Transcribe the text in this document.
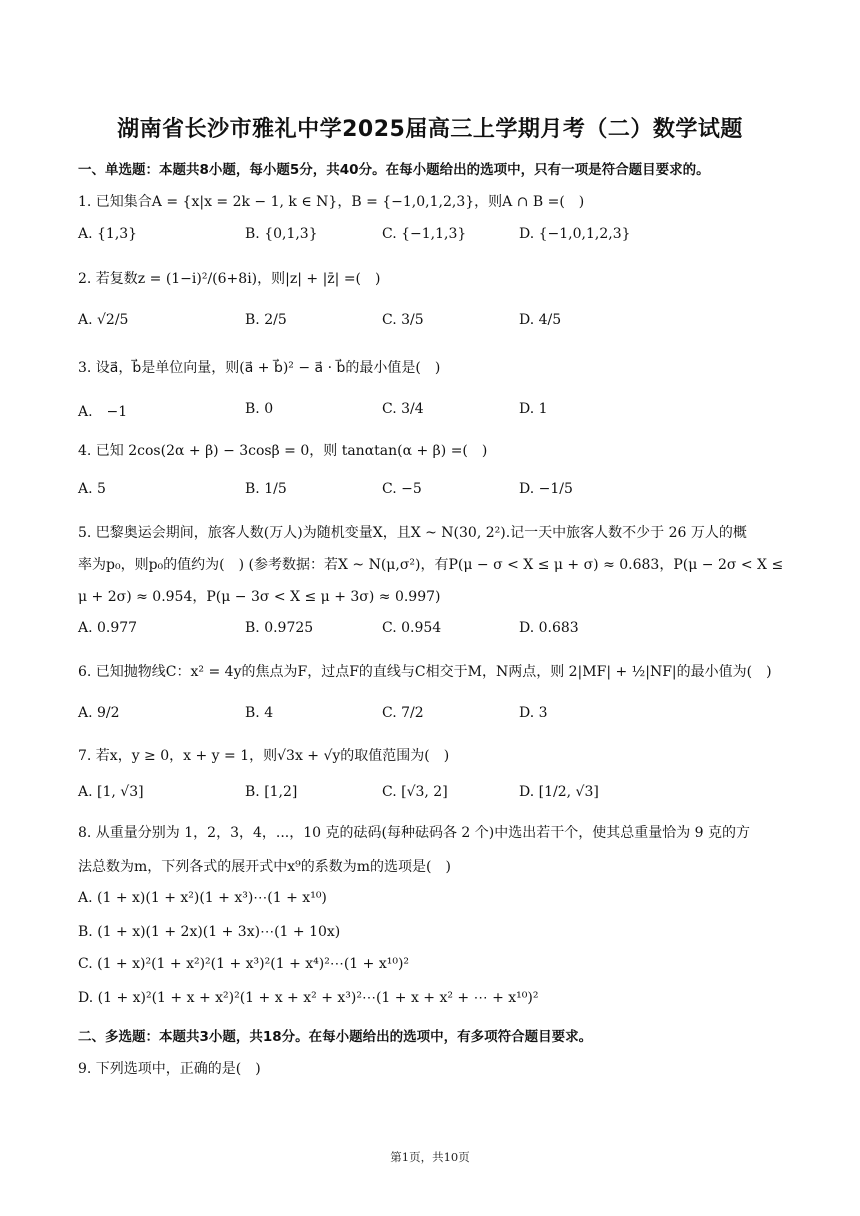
湖南省长沙市雅礼中学2025届高三上学期月考（二）数学试题
一、单选题：本题共8小题，每小题5分，共40分。在每小题给出的选项中，只有一项是符合题目要求的。
1. 已知集合A = {x|x = 2k − 1, k ∈ N}，B = {−1,0,1,2,3}，则A ∩ B =(　)
A. {1,3}	B. {0,1,3}	C. {−1,1,3}	D. {−1,0,1,2,3}
2. 若复数z = (1−i)²/(6+8i)，则|z| + |z̄| =(　)
A. √2/5	B. 2/5	C. 3/5	D. 4/5
3. 设a⃗，b⃗是单位向量，则(a⃗ + b⃗)² − a⃗ · b⃗的最小值是(　)
A.　−1	B. 0	C. 3/4	D. 1
4. 已知 2cos(2α + β) − 3cosβ = 0，则 tanαtan(α + β) =(　)
A. 5	B. 1/5	C. −5	D. −1/5
5. 巴黎奥运会期间，旅客人数(万人)为随机变量X，且X ~ N(30, 2²).记一天中旅客人数不少于 26 万人的概
率为p₀，则p₀的值约为(　) (参考数据：若X ~ N(μ,σ²)，有P(μ − σ < X ≤ μ + σ) ≈ 0.683，P(μ − 2σ < X ≤
μ + 2σ) ≈ 0.954，P(μ − 3σ < X ≤ μ + 3σ) ≈ 0.997)
A. 0.977	B. 0.9725	C. 0.954	D. 0.683
6. 已知抛物线C：x² = 4y的焦点为F，过点F的直线与C相交于M，N两点，则 2|MF| + ½|NF|的最小值为(　)
A. 9/2	B. 4	C. 7/2	D. 3
7. 若x，y ≥ 0，x + y = 1，则√3x + √y的取值范围为(　)
A. [1, √3]	B. [1,2]	C. [√3, 2]	D. [1/2, √3]
8. 从重量分别为 1，2，3，4，...，10 克的砝码(每种砝码各 2 个)中选出若干个，使其总重量恰为 9 克的方
法总数为m，下列各式的展开式中x⁹的系数为m的选项是(　)
A. (1 + x)(1 + x²)(1 + x³)⋯(1 + x¹⁰)
B. (1 + x)(1 + 2x)(1 + 3x)⋯(1 + 10x)
C. (1 + x)²(1 + x²)²(1 + x³)²(1 + x⁴)²⋯(1 + x¹⁰)²
D. (1 + x)²(1 + x + x²)²(1 + x + x² + x³)²⋯(1 + x + x² + ⋯ + x¹⁰)²
二、多选题：本题共3小题，共18分。在每小题给出的选项中，有多项符合题目要求。
9. 下列选项中，正确的是(　)
第1页，共10页
